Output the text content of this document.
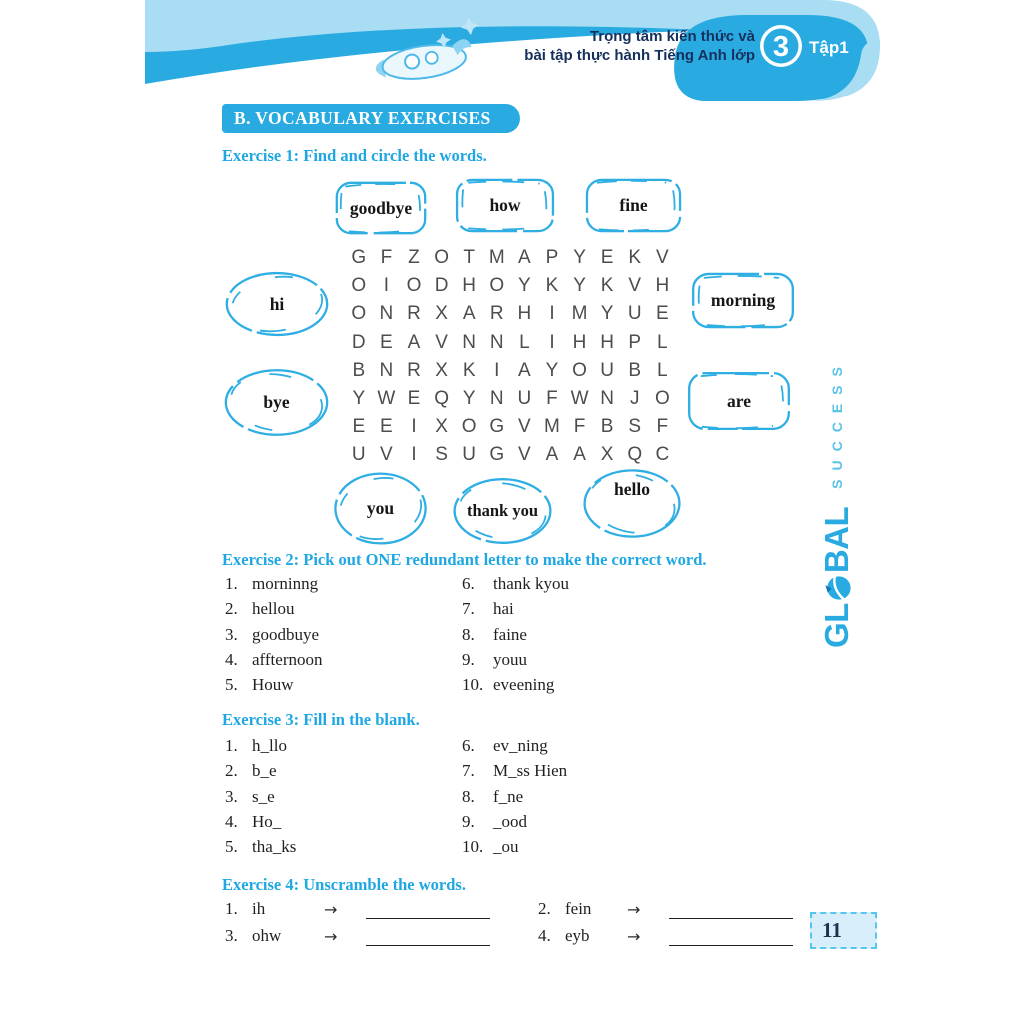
Trọng tâm kiến thức và
bài tập thực hành Tiếng Anh lớp 3 Tập1
B. VOCABULARY EXERCISES
Exercise 1: Find and circle the words.
goodbye	how	fine
hi	morning
bye	are
you	thank you
hello
G F Z O T M A P Y E K V
O I O D H O Y K Y K V H
O N R X A R H I M Y U E
D E A V N N L	I H H P L
B N R X K I A Y O U B L
Y W E Q Y N U F W N J O
E E I X O G V M F B S F
U V I S U G V A A X Q C
Exercise 2: Pick out ONE redundant letter to make the correct word.
1. morninng
2. hellou
3. goodbuye
4. affternoon
5. Houw
6.	thank kyou
7.	hai
8.	faine
9.	youu
10. eveening
Exercise 3: Fill in the blank.
1. h_llo
2. b_e
3. s_e
4. Ho_
5. tha_ks
6.	ev_ning
7.	M_ss Hien
8.	f_ne
9.	_ood
10. _ou
Exercise 4: Unscramble the words.
1. ih	→	2. fein	→
3. ohw	→	4. eyb	→
GL
BAL
SUCCESS
11
